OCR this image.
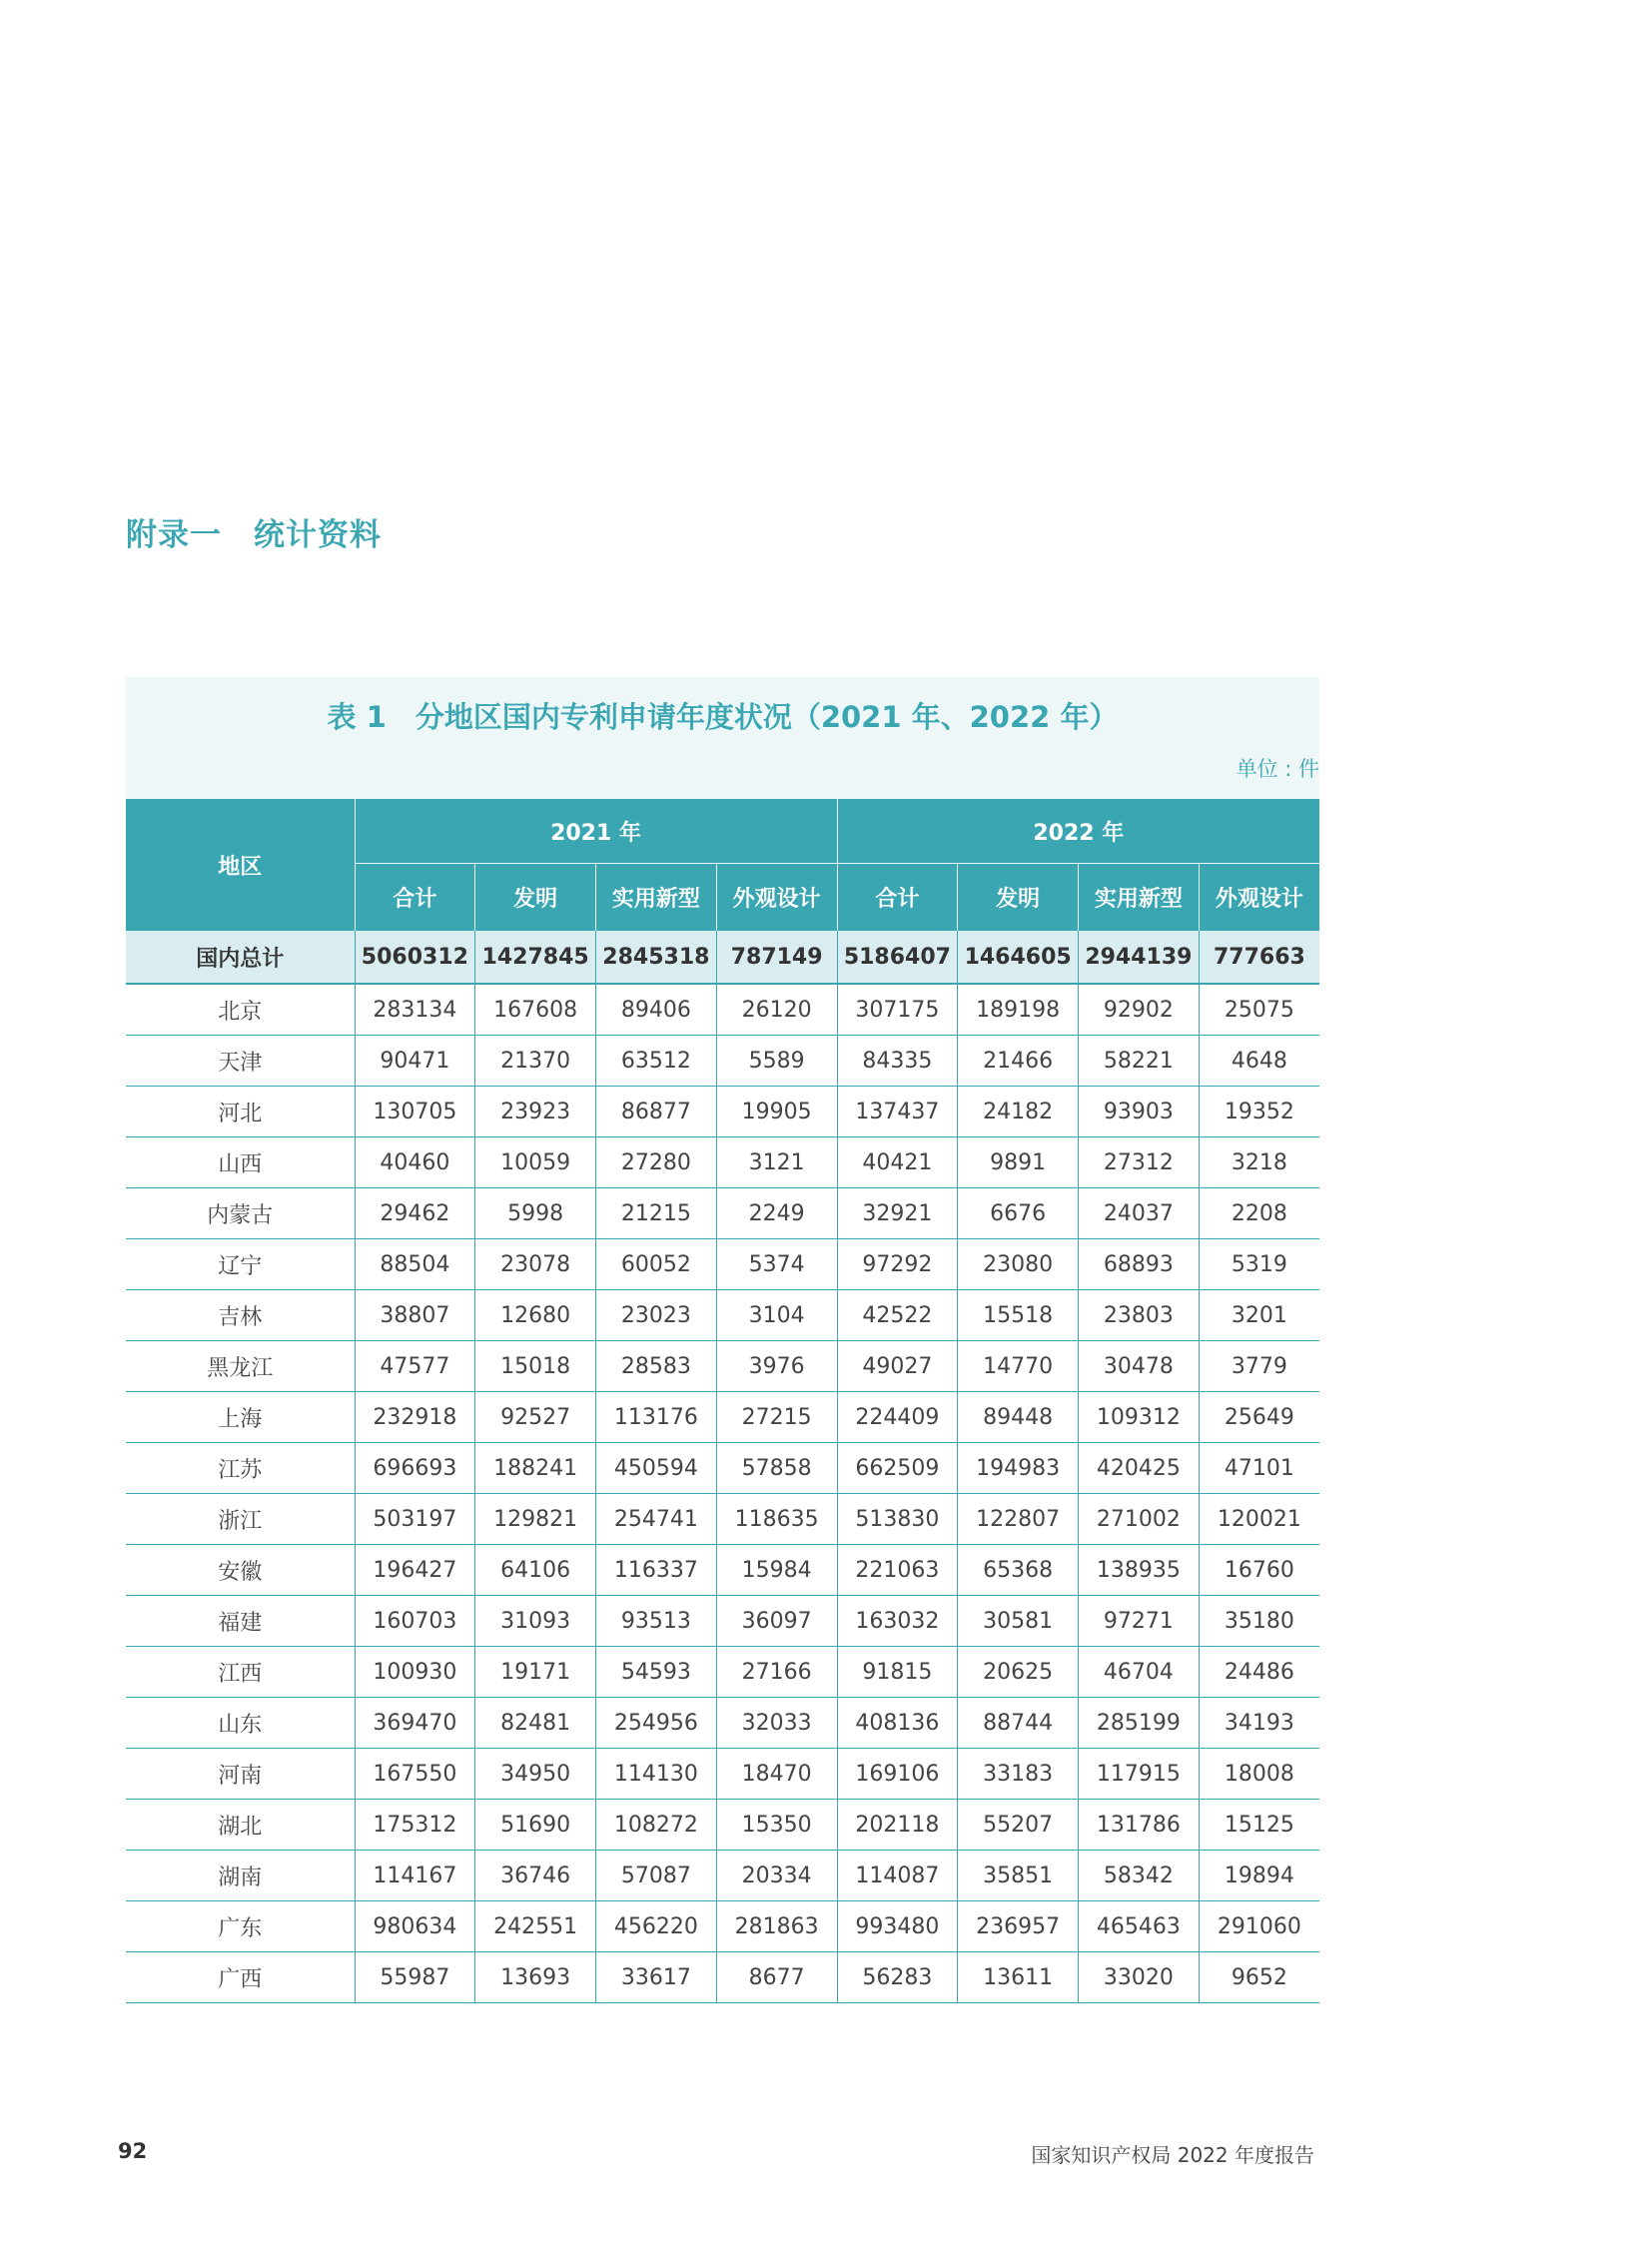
附录一　统计资料
表 1　分地区国内专利申请年度状况（2021 年、2022 年）
单位 : 件
地区	2021 年				2022 年			
	合计	发明	实用新型	外观设计	合计	发明	实用新型	外观设计
国内总计	5060312	1427845	2845318	787149	5186407	1464605	2944139	777663
北京	283134	167608	89406	26120	307175	189198	92902	25075
天津	90471	21370	63512	5589	84335	21466	58221	4648
河北	130705	23923	86877	19905	137437	24182	93903	19352
山西	40460	10059	27280	3121	40421	9891	27312	3218
内蒙古	29462	5998	21215	2249	32921	6676	24037	2208
辽宁	88504	23078	60052	5374	97292	23080	68893	5319
吉林	38807	12680	23023	3104	42522	15518	23803	3201
黑龙江	47577	15018	28583	3976	49027	14770	30478	3779
上海	232918	92527	113176	27215	224409	89448	109312	25649
江苏	696693	188241	450594	57858	662509	194983	420425	47101
浙江	503197	129821	254741	118635	513830	122807	271002	120021
安徽	196427	64106	116337	15984	221063	65368	138935	16760
福建	160703	31093	93513	36097	163032	30581	97271	35180
江西	100930	19171	54593	27166	91815	20625	46704	24486
山东	369470	82481	254956	32033	408136	88744	285199	34193
河南	167550	34950	114130	18470	169106	33183	117915	18008
湖北	175312	51690	108272	15350	202118	55207	131786	15125
湖南	114167	36746	57087	20334	114087	35851	58342	19894
广东	980634	242551	456220	281863	993480	236957	465463	291060
广西	55987	13693	33617	8677	56283	13611	33020	9652
92	国家知识产权局 2022 年度报告
